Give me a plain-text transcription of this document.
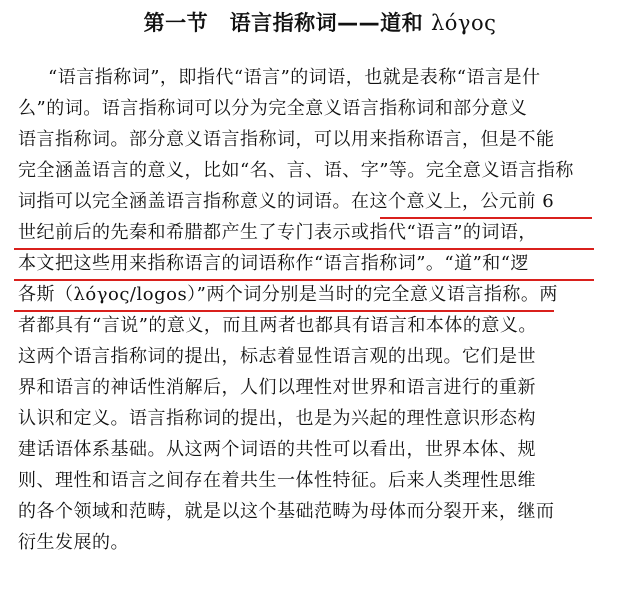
第一节　语言指称词——道和 λόγος
“语言指称词”，即指代“语言”的词语，也就是表称“语言是什
么”的词。语言指称词可以分为完全意义语言指称词和部分意义
语言指称词。部分意义语言指称词，可以用来指称语言，但是不能
完全涵盖语言的意义，比如“名、言、语、字”等。完全意义语言指称
词指可以完全涵盖语言指称意义的词语。在这个意义上，公元前 6
世纪前后的先秦和希腊都产生了专门表示或指代“语言”的词语，
本文把这些用来指称语言的词语称作“语言指称词”。“道”和“逻
各斯（λόγος/logos）”两个词分别是当时的完全意义语言指称。两
者都具有“言说”的意义，而且两者也都具有语言和本体的意义。
这两个语言指称词的提出，标志着显性语言观的出现。它们是世
界和语言的神话性消解后，人们以理性对世界和语言进行的重新
认识和定义。语言指称词的提出，也是为兴起的理性意识形态构
建话语体系基础。从这两个词语的共性可以看出，世界本体、规
则、理性和语言之间存在着共生一体性特征。后来人类理性思维
的各个领域和范畴，就是以这个基础范畴为母体而分裂开来，继而
衍生发展的。
